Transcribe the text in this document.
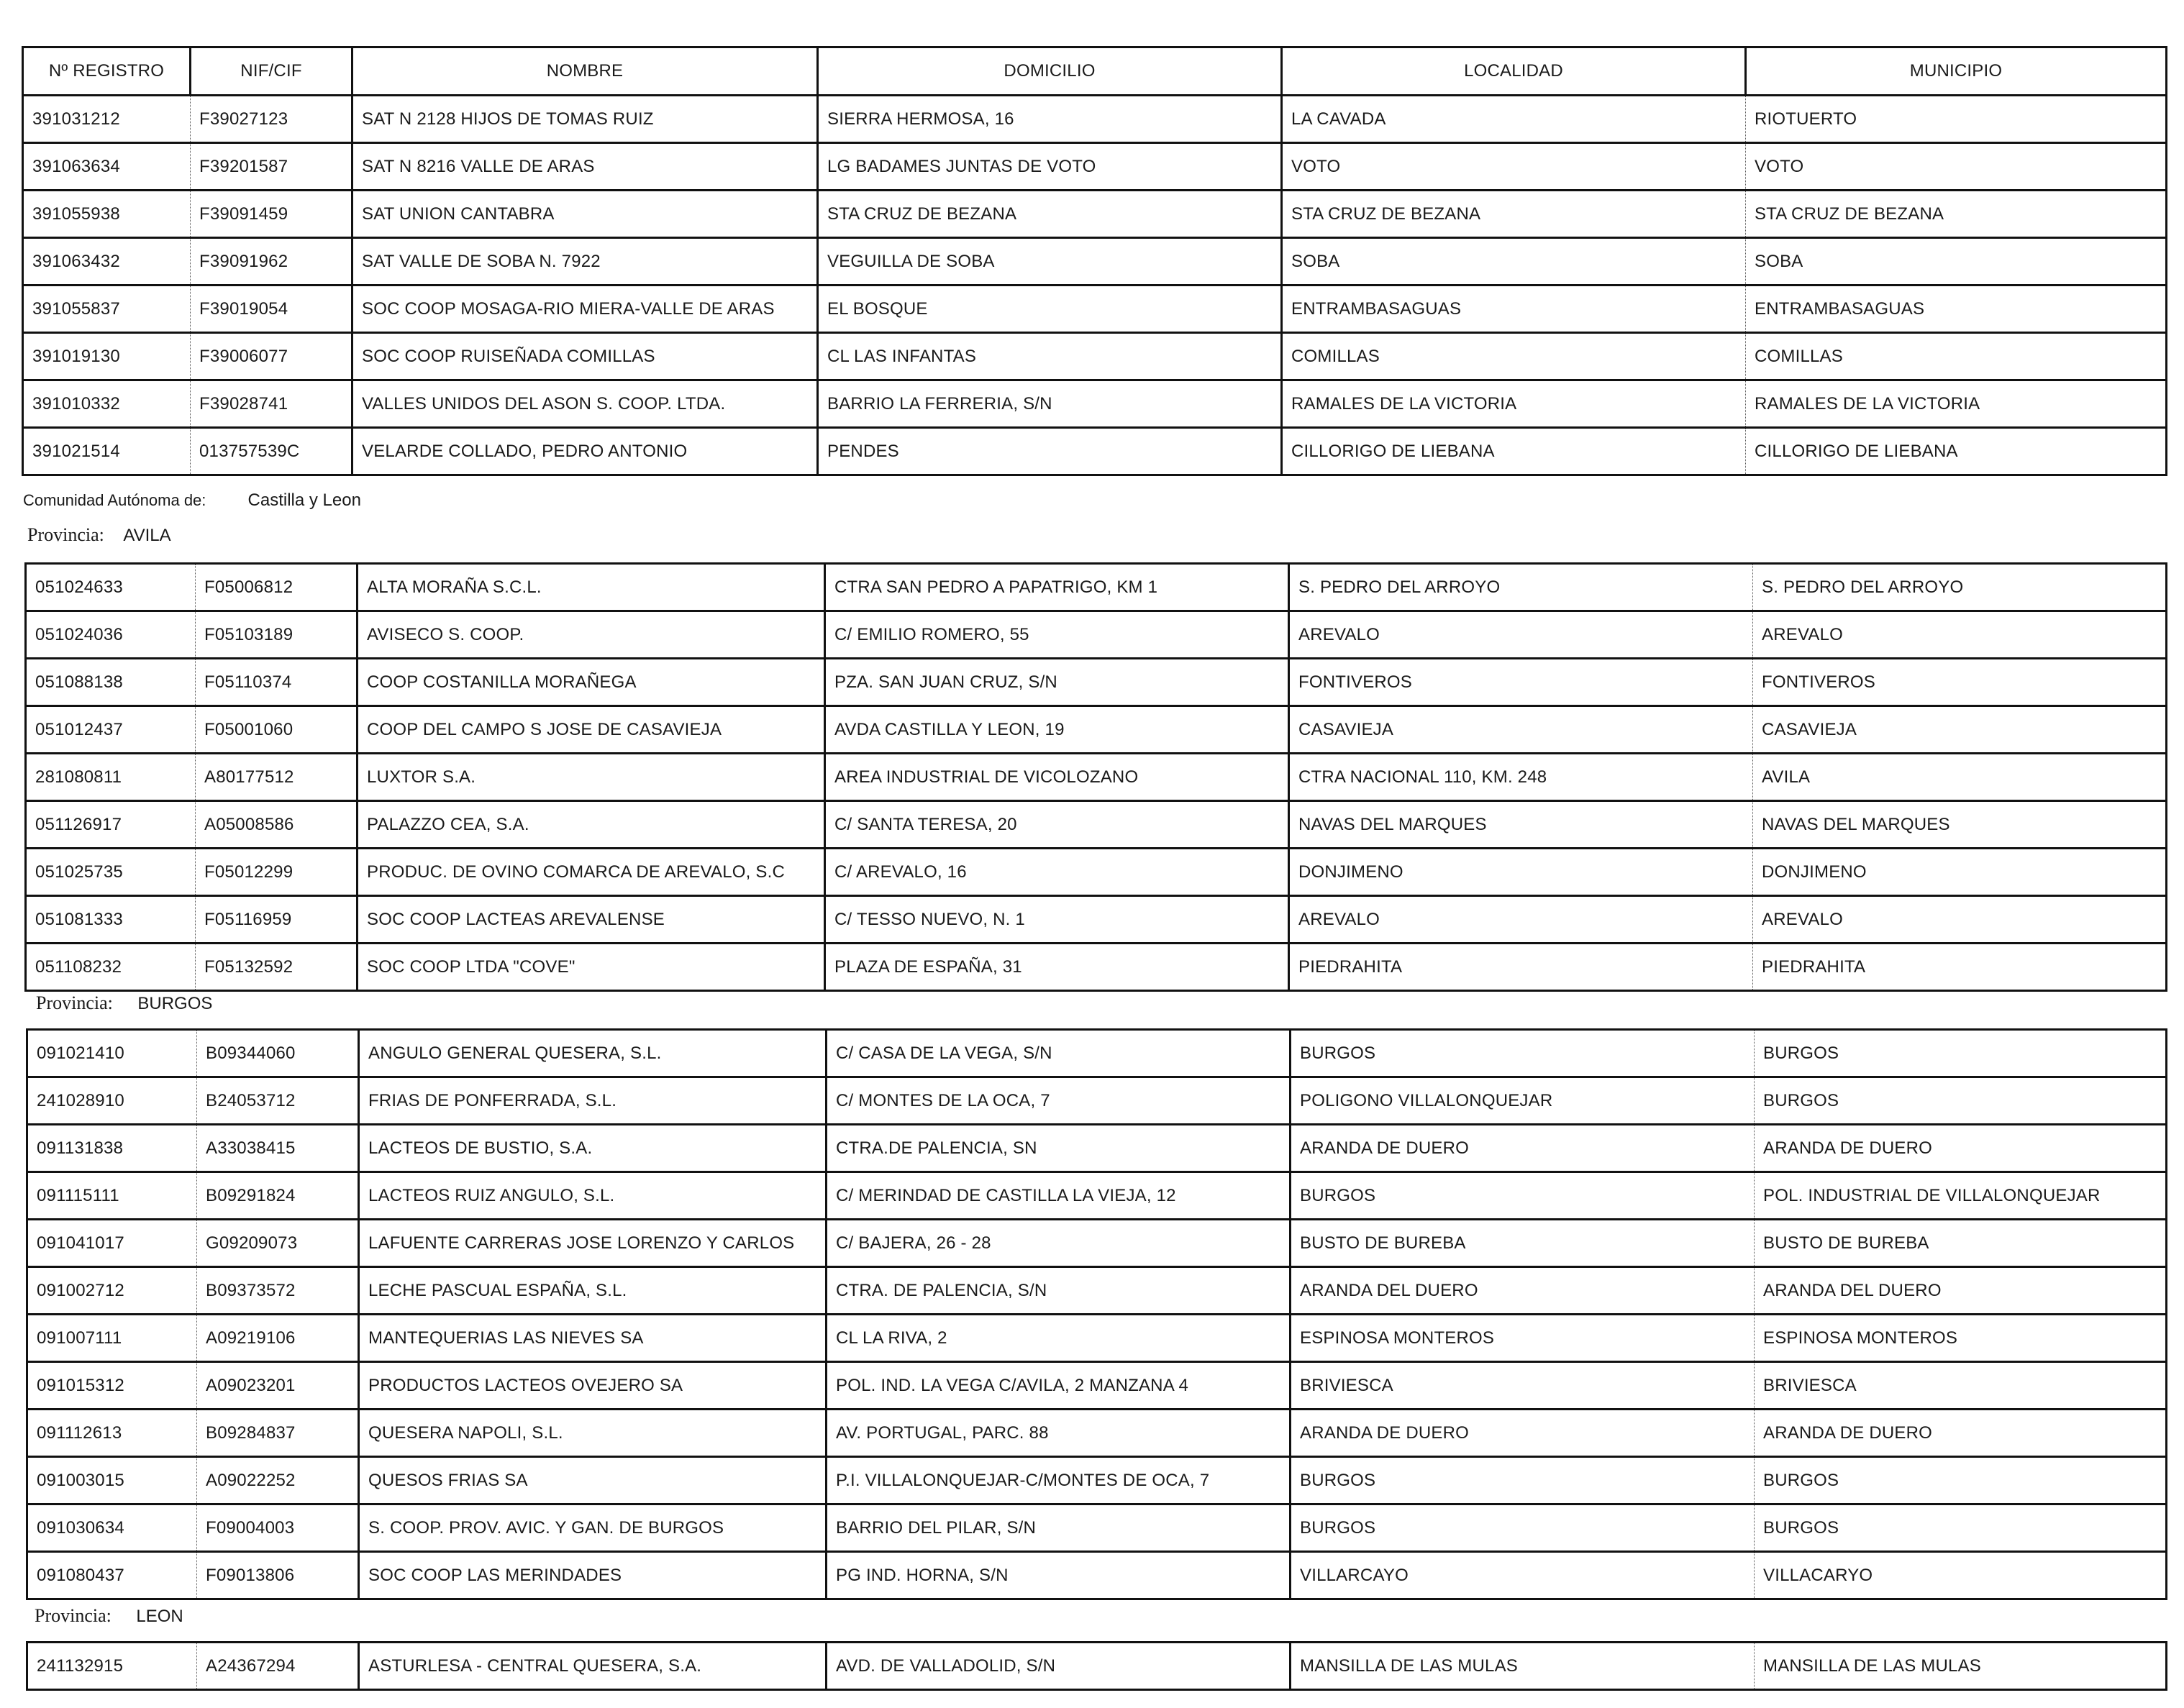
Nº REGISTRO	NIF/CIF	NOMBRE	DOMICILIO	LOCALIDAD	MUNICIPIO
391031212	F39027123	SAT N 2128 HIJOS DE TOMAS RUIZ	SIERRA HERMOSA, 16	LA CAVADA	RIOTUERTO
391063634	F39201587	SAT N 8216 VALLE DE ARAS	LG BADAMES JUNTAS DE VOTO	VOTO	VOTO
391055938	F39091459	SAT UNION CANTABRA	STA CRUZ DE BEZANA	STA CRUZ DE BEZANA	STA CRUZ DE BEZANA
391063432	F39091962	SAT VALLE DE SOBA N. 7922	VEGUILLA DE SOBA	SOBA	SOBA
391055837	F39019054	SOC COOP MOSAGA-RIO MIERA-VALLE DE ARAS	EL BOSQUE	ENTRAMBASAGUAS	ENTRAMBASAGUAS
391019130	F39006077	SOC COOP RUISEÑADA COMILLAS	CL LAS INFANTAS	COMILLAS	COMILLAS
391010332	F39028741	VALLES UNIDOS DEL ASON S. COOP. LTDA.	BARRIO LA FERRERIA, S/N	RAMALES DE LA VICTORIA	RAMALES DE LA VICTORIA
391021514	013757539C	VELARDE COLLADO, PEDRO ANTONIO	PENDES	CILLORIGO DE LIEBANA	CILLORIGO DE LIEBANA
Comunidad Autónoma de: Castilla y Leon
Provincia: AVILA
051024633	F05006812	ALTA MORAÑA S.C.L.	CTRA SAN PEDRO A PAPATRIGO, KM 1	S. PEDRO DEL ARROYO	S. PEDRO DEL ARROYO
051024036	F05103189	AVISECO S. COOP.	C/ EMILIO ROMERO, 55	AREVALO	AREVALO
051088138	F05110374	COOP COSTANILLA MORAÑEGA	PZA. SAN JUAN CRUZ, S/N	FONTIVEROS	FONTIVEROS
051012437	F05001060	COOP DEL CAMPO S JOSE DE CASAVIEJA	AVDA CASTILLA Y LEON, 19	CASAVIEJA	CASAVIEJA
281080811	A80177512	LUXTOR S.A.	AREA INDUSTRIAL DE VICOLOZANO	CTRA NACIONAL 110, KM. 248	AVILA
051126917	A05008586	PALAZZO CEA, S.A.	C/ SANTA TERESA, 20	NAVAS DEL MARQUES	NAVAS DEL MARQUES
051025735	F05012299	PRODUC. DE OVINO COMARCA DE AREVALO, S.C	C/ AREVALO, 16	DONJIMENO	DONJIMENO
051081333	F05116959	SOC COOP LACTEAS AREVALENSE	C/ TESSO NUEVO, N. 1	AREVALO	AREVALO
051108232	F05132592	SOC COOP LTDA "COVE"	PLAZA DE ESPAÑA, 31	PIEDRAHITA	PIEDRAHITA
Provincia: BURGOS
091021410	B09344060	ANGULO GENERAL QUESERA, S.L.	C/ CASA DE LA VEGA, S/N	BURGOS	BURGOS
241028910	B24053712	FRIAS DE PONFERRADA, S.L.	C/ MONTES DE LA OCA, 7	POLIGONO VILLALONQUEJAR	BURGOS
091131838	A33038415	LACTEOS DE BUSTIO, S.A.	CTRA.DE PALENCIA, SN	ARANDA DE DUERO	ARANDA DE DUERO
091115111	B09291824	LACTEOS RUIZ ANGULO, S.L.	C/ MERINDAD DE CASTILLA LA VIEJA, 12	BURGOS	POL. INDUSTRIAL DE VILLALONQUEJAR
091041017	G09209073	LAFUENTE CARRERAS JOSE LORENZO Y CARLOS	C/ BAJERA, 26 - 28	BUSTO DE BUREBA	BUSTO DE BUREBA
091002712	B09373572	LECHE PASCUAL ESPAÑA, S.L.	CTRA. DE PALENCIA, S/N	ARANDA DEL DUERO	ARANDA DEL DUERO
091007111	A09219106	MANTEQUERIAS LAS NIEVES SA	CL LA RIVA, 2	ESPINOSA MONTEROS	ESPINOSA MONTEROS
091015312	A09023201	PRODUCTOS LACTEOS OVEJERO SA	POL. IND. LA VEGA C/AVILA, 2 MANZANA 4	BRIVIESCA	BRIVIESCA
091112613	B09284837	QUESERA NAPOLI, S.L.	AV. PORTUGAL, PARC. 88	ARANDA DE DUERO	ARANDA DE DUERO
091003015	A09022252	QUESOS FRIAS SA	P.I. VILLALONQUEJAR-C/MONTES DE OCA, 7	BURGOS	BURGOS
091030634	F09004003	S. COOP. PROV. AVIC. Y GAN. DE BURGOS	BARRIO DEL PILAR, S/N	BURGOS	BURGOS
091080437	F09013806	SOC COOP LAS MERINDADES	PG IND. HORNA, S/N	VILLARCAYO	VILLACARYO
Provincia: LEON
241132915	A24367294	ASTURLESA - CENTRAL QUESERA, S.A.	AVD. DE VALLADOLID, S/N	MANSILLA DE LAS MULAS	MANSILLA DE LAS MULAS
